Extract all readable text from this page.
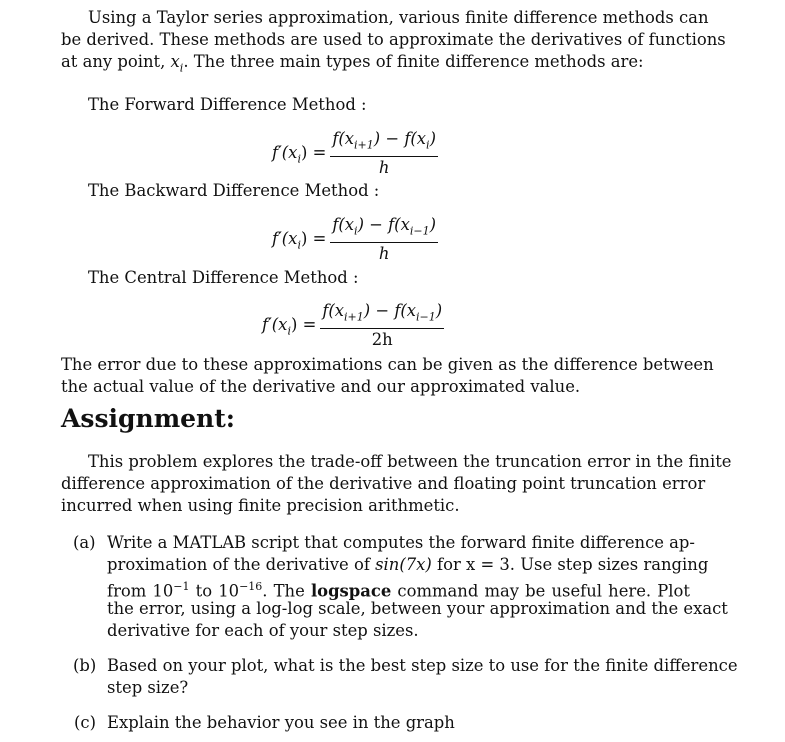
Using a Taylor series approximation, various finite difference methods can
be derived. These methods are used to approximate the derivatives of functions
at any point, $x_i$. The three main types of finite difference methods are:
The Forward Difference Method :
$f'(x_i) = \frac{f(x_{i+1}) - f(x_i)}{h}$
The Backward Difference Method :
$f'(x_i) = \frac{f(x_i) - f(x_{i-1})}{h}$
The Central Difference Method :
$f'(x_i) = \frac{f(x_{i+1}) - f(x_{i-1})}{2h}$
The error due to these approximations can be given as the difference between
the actual value of the derivative and our approximated value.
Assignment:
This problem explores the trade-off between the truncation error in the finite
difference approximation of the derivative and floating point truncation error
incurred when using finite precision arithmetic.
(a) Write a MATLAB script that computes the forward finite difference ap-
proximation of the derivative of sin(7x) for x = 3. Use step sizes ranging
from $10^{-1}$ to $10^{-16}$. The logspace command may be useful here. Plot
the error, using a log-log scale, between your approximation and the exact
derivative for each of your step sizes.
(b) Based on your plot, what is the best step size to use for the finite difference
step size?
(c) Explain the behavior you see in the graph
